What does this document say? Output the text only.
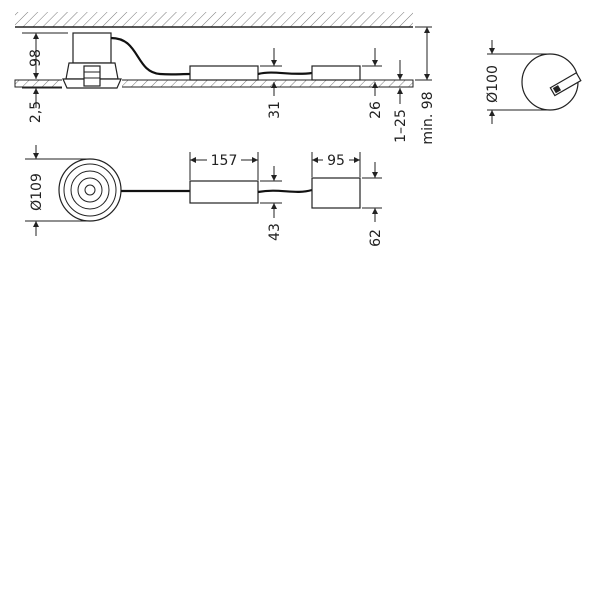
98
2,5	31	26 1–25 min. 98
Ø100
Ø109
157	95
43	62
